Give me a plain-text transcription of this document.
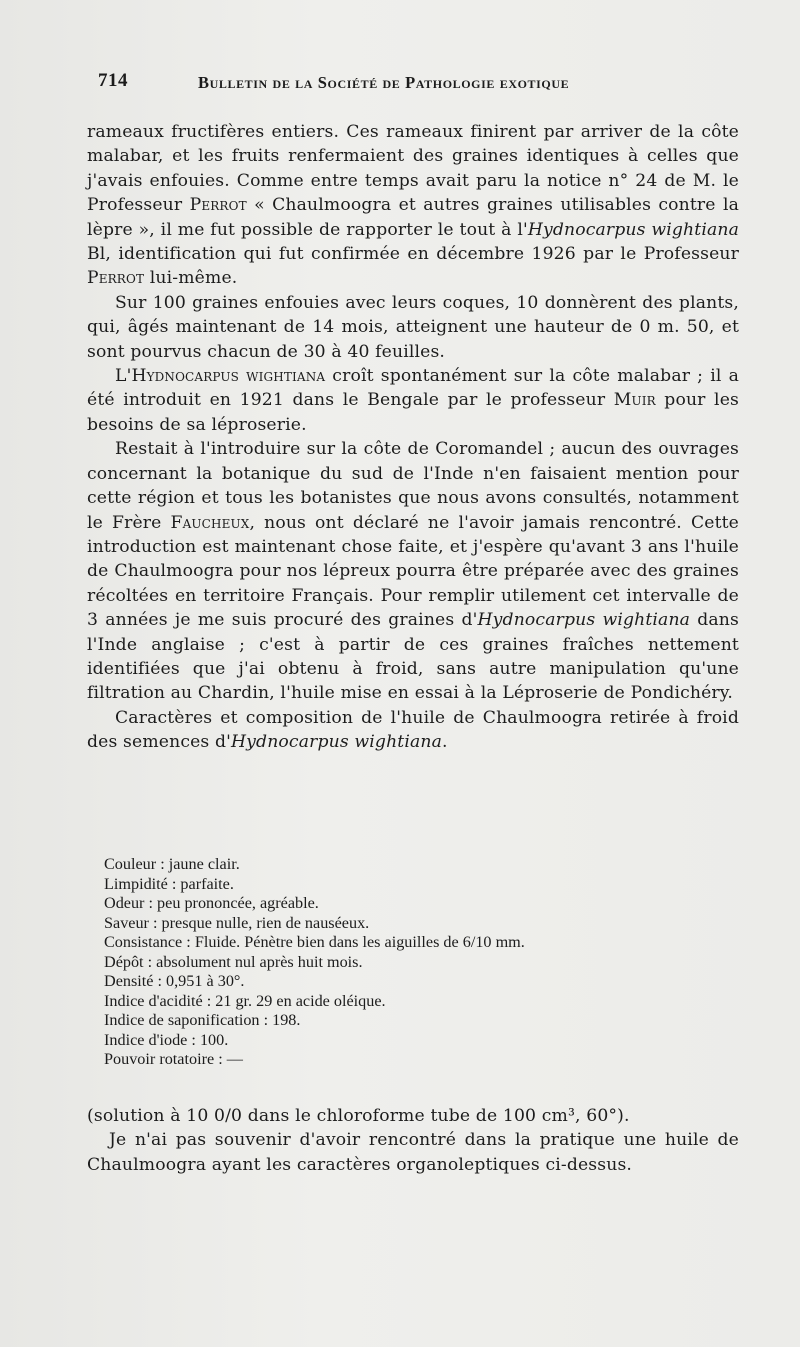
714	Bulletin de la Société de Pathologie exotique

rameaux fructifères entiers. Ces rameaux finirent par arriver de la côte malabar, et les fruits renfermaient des graines identiques à celles que j'avais enfouies. Comme entre temps avait paru la notice n° 24 de M. le Professeur Perrot « Chaulmoogra et autres graines utilisables contre la lèpre », il me fut possible de rapporter le tout à l'Hydnocarpus wightiana Bl, identification qui fut confirmée en décembre 1926 par le Professeur Perrot lui-même.

Sur 100 graines enfouies avec leurs coques, 10 donnèrent des plants, qui, âgés maintenant de 14 mois, atteignent une hauteur de 0 m. 50, et sont pourvus chacun de 30 à 40 feuilles.

L'Hydnocarpus wightiana croît spontanément sur la côte malabar ; il a été introduit en 1921 dans le Bengale par le professeur Muir pour les besoins de sa léproserie.

Restait à l'introduire sur la côte de Coromandel ; aucun des ouvrages concernant la botanique du sud de l'Inde n'en faisaient mention pour cette région et tous les botanistes que nous avons consultés, notamment le Frère Faucheux, nous ont déclaré ne l'avoir jamais rencontré. Cette introduction est maintenant chose faite, et j'espère qu'avant 3 ans l'huile de Chaulmoogra pour nos lépreux pourra être préparée avec des graines récoltées en territoire Français. Pour remplir utilement cet intervalle de 3 années je me suis procuré des graines d'Hydnocarpus wightiana dans l'Inde anglaise ; c'est à partir de ces graines fraîches nettement identifiées que j'ai obtenu à froid, sans autre manipulation qu'une filtration au Chardin, l'huile mise en essai à la Léproserie de Pondichéry.

Caractères et composition de l'huile de Chaulmoogra retirée à froid des semences d'Hydnocarpus wightiana.

Couleur : jaune clair.
Limpidité : parfaite.
Odeur : peu prononcée, agréable.
Saveur : presque nulle, rien de nauséeux.
Consistance : Fluide. Pénètre bien dans les aiguilles de 6/10 mm.
Dépôt : absolument nul après huit mois.
Densité : 0,951 à 30°.
Indice d'acidité : 21 gr. 29 en acide oléique.
Indice de saponification : 198.
Indice d'iode : 100.
Pouvoir rotatoire : —

(solution à 10 0/0 dans le chloroforme tube de 100 cm³, 60°).

Je n'ai pas souvenir d'avoir rencontré dans la pratique une huile de Chaulmoogra ayant les caractères organoleptiques ci-dessus.
